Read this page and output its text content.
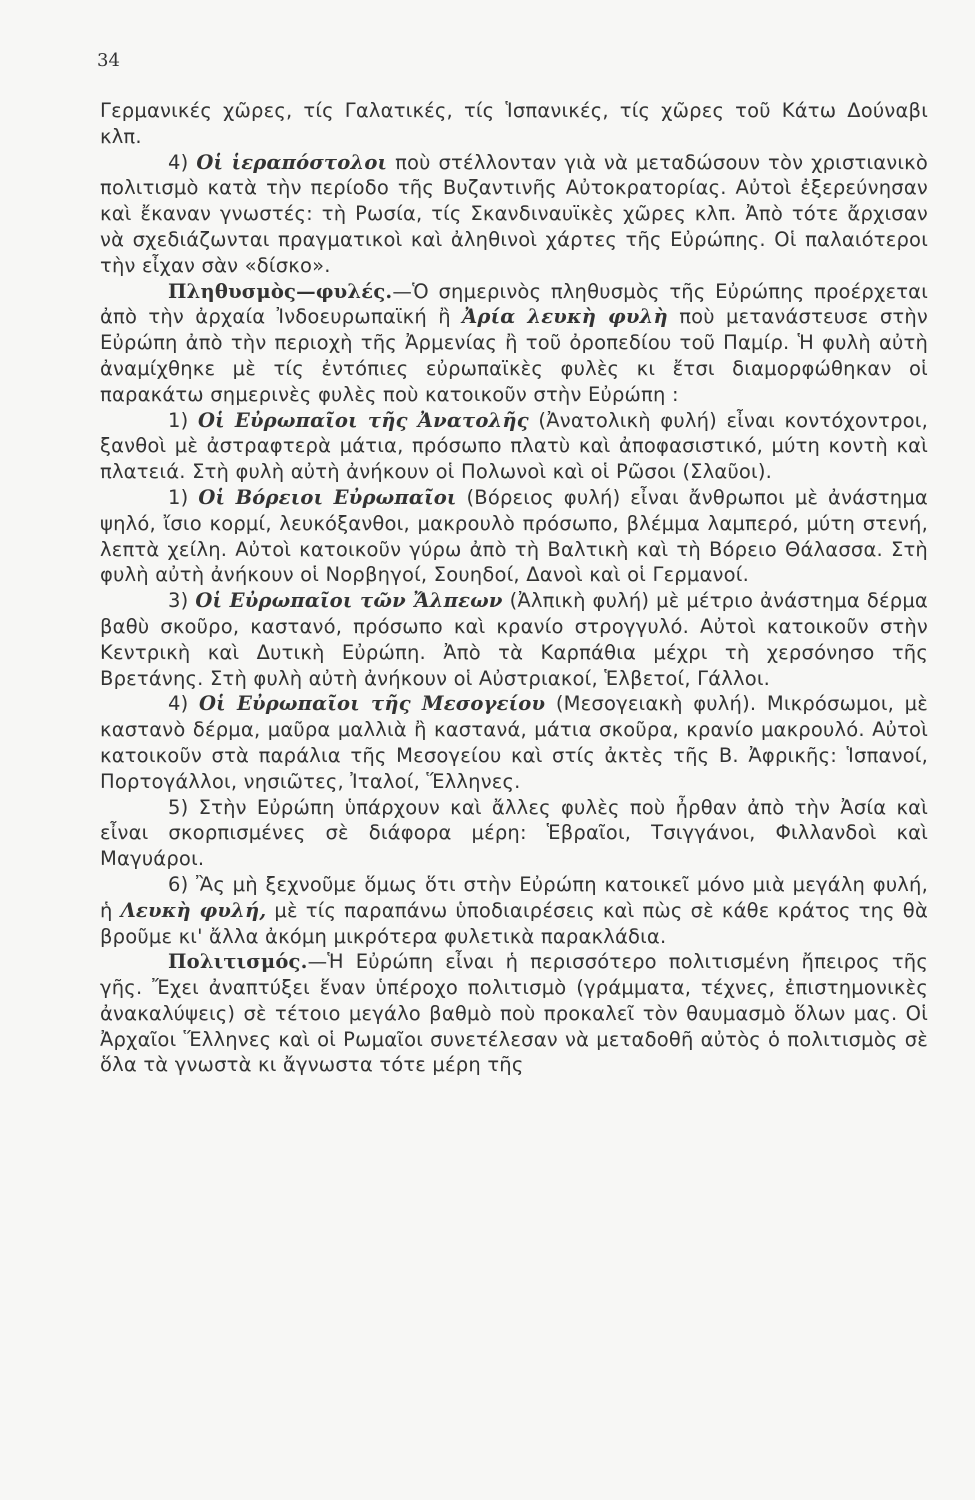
34

Γερμανικές χῶρες, τίς Γαλατικές, τίς Ἱσπανικές, τίς χῶρες τοῦ Κάτω Δούναβι κλπ.

4) Οἱ ἱεραπόστολοι ποὺ στέλλονταν γιὰ νὰ μεταδώσουν τὸν χριστιανικὸ πολιτισμὸ κατὰ τὴν περίοδο τῆς Βυζαντινῆς Αὐτοκρατορίας. Αὐτοὶ ἐξερεύνησαν καὶ ἔκαναν γνωστές: τὴ Ρωσία, τίς Σκανδιναυϊκὲς χῶρες κλπ. Ἀπὸ τότε ἄρχισαν νὰ σχεδιάζωνται πραγματικοὶ καὶ ἀληθινοὶ χάρτες τῆς Εὐρώπης. Οἱ παλαιότεροι τὴν εἶχαν σὰν «δίσκο».

Πληθυσμὸς—φυλές.—Ὁ σημερινὸς πληθυσμὸς τῆς Εὐρώπης προέρχεται ἀπὸ τὴν ἀρχαία Ἰνδοευρωπαϊκή ἢ Ἀρία λευκὴ φυλὴ ποὺ μετανάστευσε στὴν Εὐρώπη ἀπὸ τὴν περιοχὴ τῆς Ἀρμενίας ἢ τοῦ ὀροπεδίου τοῦ Παμίρ. Ἡ φυλὴ αὐτὴ ἀναμίχθηκε μὲ τίς ἐντόπιες εὐρωπαϊκὲς φυλὲς κι ἔτσι διαμορφώθηκαν οἱ παρακάτω σημερινὲς φυλὲς ποὺ κατοικοῦν στὴν Εὐρώπη :

1) Οἱ Εὐρωπαῖοι τῆς Ἀνατολῆς (Ἀνατολικὴ φυλή) εἶναι κοντόχοντροι, ξανθοὶ μὲ ἀστραφτερὰ μάτια, πρόσωπο πλατὺ καὶ ἀποφασιστικό, μύτη κοντὴ καὶ πλατειά. Στὴ φυλὴ αὐτὴ ἀνήκουν οἱ Πολωνοὶ καὶ οἱ Ρῶσοι (Σλαῦοι).

1) Οἱ Βόρειοι Εὐρωπαῖοι (Βόρειος φυλή) εἶναι ἄνθρωποι μὲ ἀνάστημα ψηλό, ἴσιο κορμί, λευκόξανθοι, μακρουλὸ πρόσωπο, βλέμμα λαμπερό, μύτη στενή, λεπτὰ χείλη. Αὐτοὶ κατοικοῦν γύρω ἀπὸ τὴ Βαλτικὴ καὶ τὴ Βόρειο Θάλασσα. Στὴ φυλὴ αὐτὴ ἀνήκουν οἱ Νορβηγοί, Σουηδοί, Δανοὶ καὶ οἱ Γερμανοί.

3) Οἱ Εὐρωπαῖοι τῶν Ἄλπεων (Ἀλπικὴ φυλή) μὲ μέτριο ἀνάστημα δέρμα βαθὺ σκοῦρο, καστανό, πρόσωπο καὶ κρανίο στρογγυλό. Αὐτοὶ κατοικοῦν στὴν Κεντρικὴ καὶ Δυτικὴ Εὐρώπη. Ἀπὸ τὰ Καρπάθια μέχρι τὴ χερσόνησο τῆς Βρετάνης. Στὴ φυλὴ αὐτὴ ἀνήκουν οἱ Αὐστριακοί, Ἑλβετοί, Γάλλοι.

4) Οἱ Εὐρωπαῖοι τῆς Μεσογείου (Μεσογειακὴ φυλή). Μικρόσωμοι, μὲ καστανὸ δέρμα, μαῦρα μαλλιὰ ἢ καστανά, μάτια σκοῦρα, κρανίο μακρουλό. Αὐτοὶ κατοικοῦν στὰ παράλια τῆς Μεσογείου καὶ στίς ἀκτὲς τῆς Β. Ἀφρικῆς: Ἱσπανοί, Πορτογάλλοι, νησιῶτες, Ἰταλοί, Ἕλληνες.

5) Στὴν Εὐρώπη ὑπάρχουν καὶ ἄλλες φυλὲς ποὺ ἦρθαν ἀπὸ τὴν Ἀσία καὶ εἶναι σκορπισμένες σὲ διάφορα μέρη: Ἑβραῖοι, Τσιγγάνοι, Φιλλανδοὶ καὶ Μαγυάροι.

6) Ἂς μὴ ξεχνοῦμε ὅμως ὅτι στὴν Εὐρώπη κατοικεῖ μόνο μιὰ μεγάλη φυλή, ἡ Λευκὴ φυλή, μὲ τίς παραπάνω ὑποδιαιρέσεις καὶ πὼς σὲ κάθε κράτος της θὰ βροῦμε κι' ἄλλα ἀκόμη μικρότερα φυλετικὰ παρακλάδια.

Πολιτισμός.—Ἡ Εὐρώπη εἶναι ἡ περισσότερο πολιτισμένη ἤπειρος τῆς γῆς. Ἔχει ἀναπτύξει ἕναν ὑπέροχο πολιτισμὸ (γράμματα, τέχνες, ἐπιστημονικὲς ἀνακαλύψεις) σὲ τέτοιο μεγάλο βαθμὸ ποὺ προκαλεῖ τὸν θαυμασμὸ ὅλων μας. Οἱ Ἀρχαῖοι Ἕλληνες καὶ οἱ Ρωμαῖοι συνετέλεσαν νὰ μεταδοθῆ αὐτὸς ὁ πολιτισμὸς σὲ ὅλα τὰ γνωστὰ κι ἄγνωστα τότε μέρη τῆς
